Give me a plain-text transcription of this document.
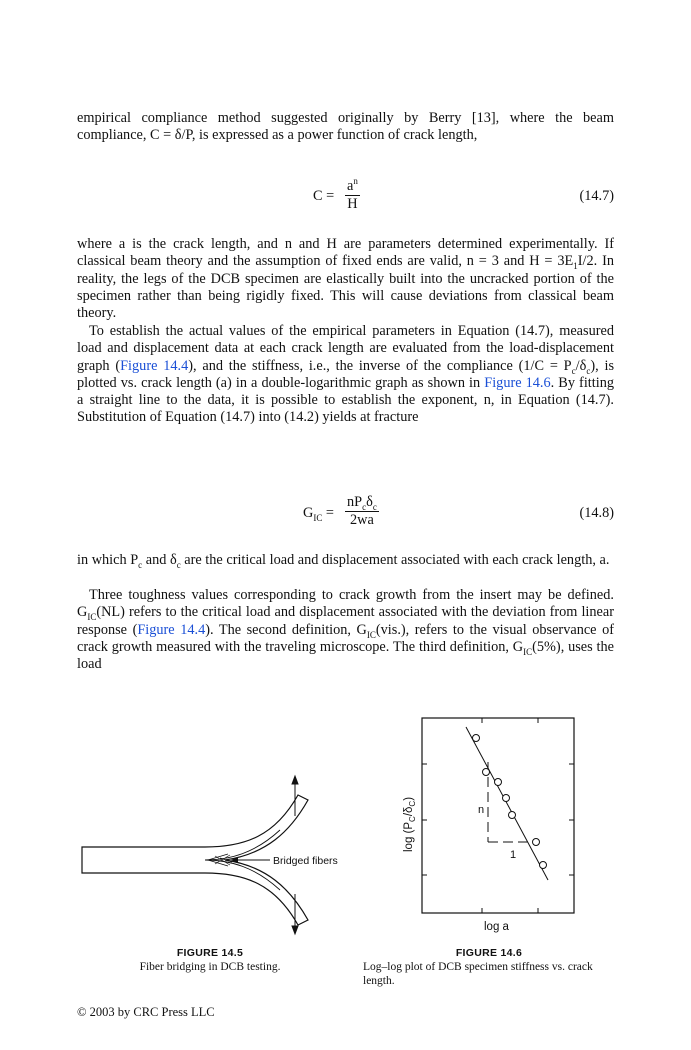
empirical compliance method suggested originally by Berry [13], where the beam compliance, C = δ/P, is expressed as a power function of crack length,

$C = \frac{a^n}{H}$	(14.7)

where a is the crack length, and n and H are parameters determined experimentally. If classical beam theory and the assumption of fixed ends are valid, n = 3 and $H = 3E_1I/2$. In reality, the legs of the DCB specimen are elastically built into the uncracked portion of the specimen rather than being rigidly fixed. This will cause deviations from classical beam theory.

To establish the actual values of the empirical parameters in Equation (14.7), measured load and displacement data at each crack length are evaluated from the load-displacement graph (Figure 14.4), and the stiffness, i.e., the inverse of the compliance $(1/C = P_c/\delta_c)$, is plotted vs. crack length (a) in a double-logarithmic graph as shown in Figure 14.6. By fitting a straight line to the data, it is possible to establish the exponent, n, in Equation (14.7). Substitution of Equation (14.7) into (14.2) yields at fracture

$G_{IC}$ =
$nP_c\delta_c$
2wa	(14.8)

in which $P_c$ and $\delta_c$ are the critical load and displacement associated with each crack length, a.

Three toughness values corresponding to crack growth from the insert may be defined. $G_{IC}(NL)$ refers to the critical load and displacement associated with the deviation from linear response (Figure 14.4). The second definition, $G_{IC}(vis.)$, refers to the visual observance of crack growth measured with the traveling microscope. The third definition, $G_{IC}(5\%)$, uses the load

Bridged fibers
FIGURE 14.5
Fiber bridging in DCB testing.
n
1
log a
$\log (P_C/\delta_C)$
FIGURE 14.6
Log–log plot of DCB specimen stiffness vs. crack length.
© 2003 by CRC Press LLC
